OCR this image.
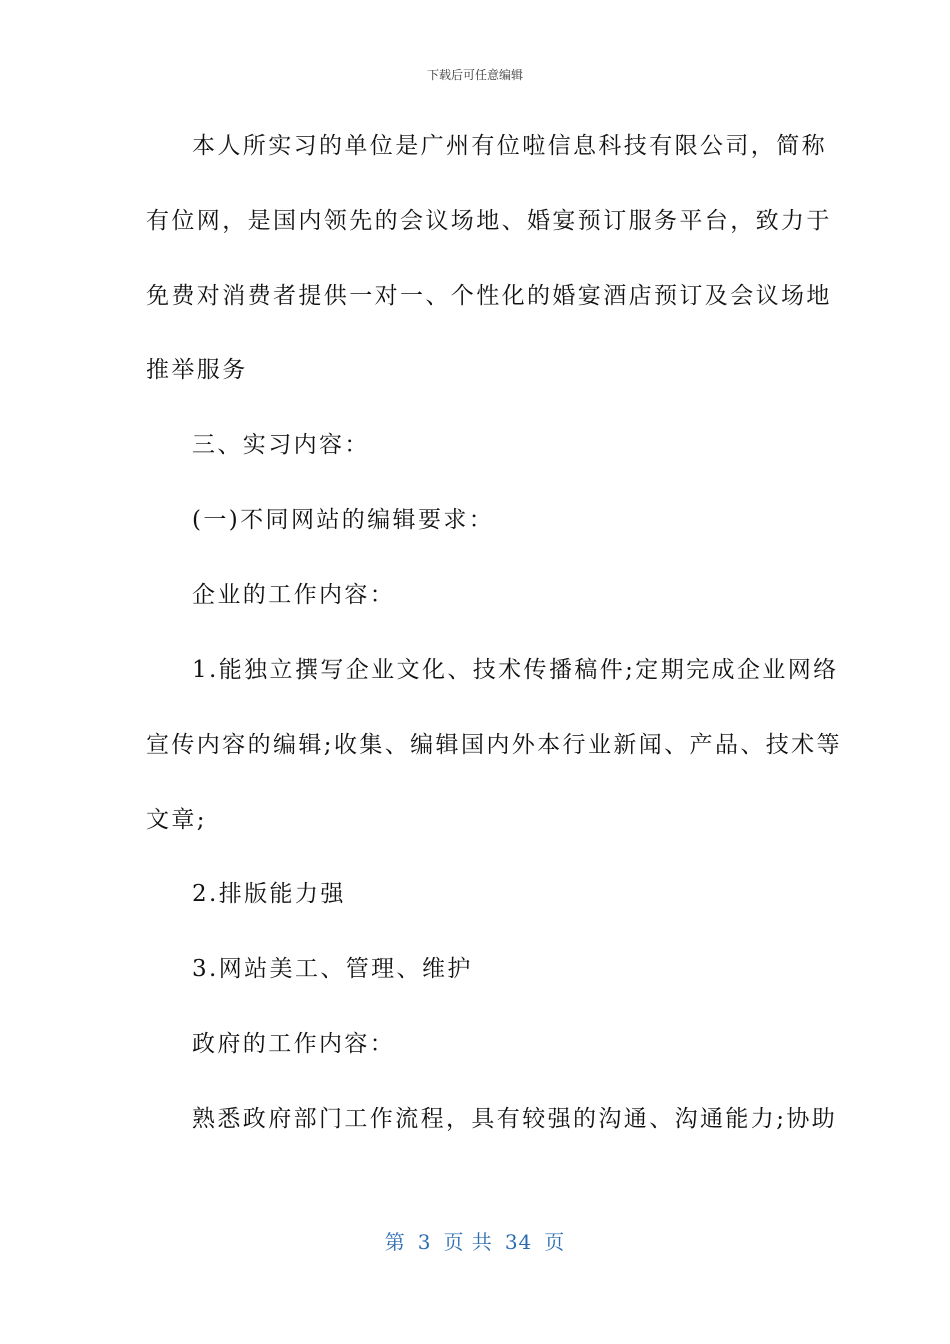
下载后可任意编辑
本人所实习的单位是广州有位啦信息科技有限公司，简称
有位网，是国内领先的会议场地、婚宴预订服务平台，致力于
免费对消费者提供一对一、个性化的婚宴酒店预订及会议场地
推举服务
三、实习内容：
(一)不同网站的编辑要求：
企业的工作内容：
1.能独立撰写企业文化、技术传播稿件;定期完成企业网络
宣传内容的编辑;收集、编辑国内外本行业新闻、产品、技术等
文章;
2.排版能力强
3.网站美工、管理、维护
政府的工作内容：
熟悉政府部门工作流程，具有较强的沟通、沟通能力;协助
第 3 页 共 34 页
